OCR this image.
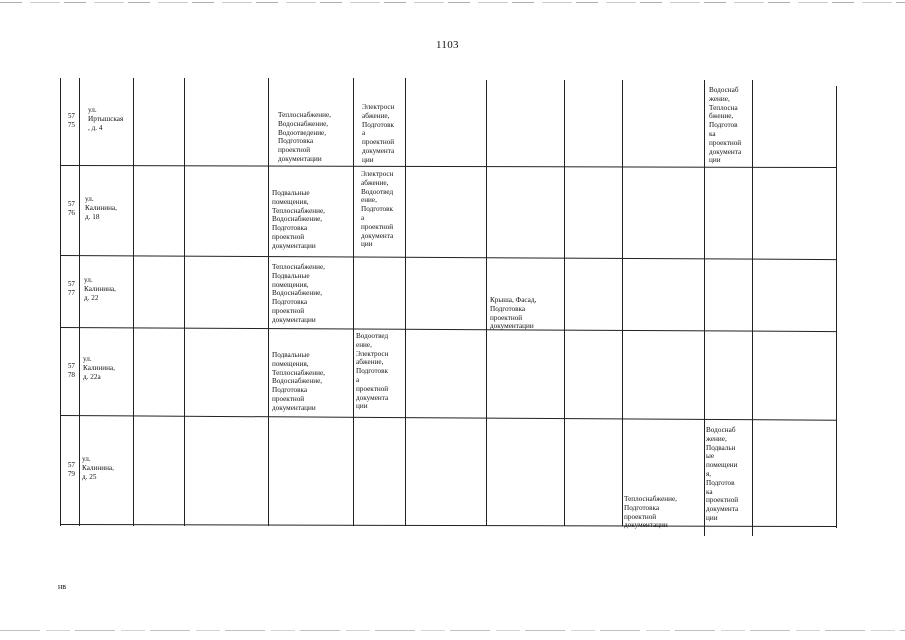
1103
57
75
ул.
Иртышская
, д. 4
Теплоснабжение,
Водоснабжение,
Водоотведение,
Подготовка
проектной
документации
Электросн
абжение,
Подготовк
а
проектной
документа
ции
Водоснаб
жение,
Теплосна
бжение,
Подготов
ка
проектной
документа
ции
57
76
ул.
Калинина,
д. 18
Подвальные
помещения,
Теплоснабжение,
Водоснабжение,
Подготовка
проектной
документации
Электросн
абжение,
Водоотвед
ение,
Подготовк
а
проектной
документа
ции
57
77
ул.
Калинина,
д. 22
Теплоснабжение,
Подвальные
помещения,
Водоснабжение,
Подготовка
проектной
документации
Крыша, Фасад,
Подготовка
проектной
документации
57
78
ул.
Калинина,
д. 22а
Подвальные
помещения,
Теплоснабжение,
Водоснабжение,
Подготовка
проектной
документации
Водоотвед
ение,
Электросн
абжение,
Подготовк
а
проектной
документа
ции
57
79
ул.
Калинина,
д. 25
Теплоснабжение,
Подготовка
проектной
документации
Водоснаб
жение,
Подвальн
ые
помещени
я,
Подготов
ка
проектной
документа
ции
нв
